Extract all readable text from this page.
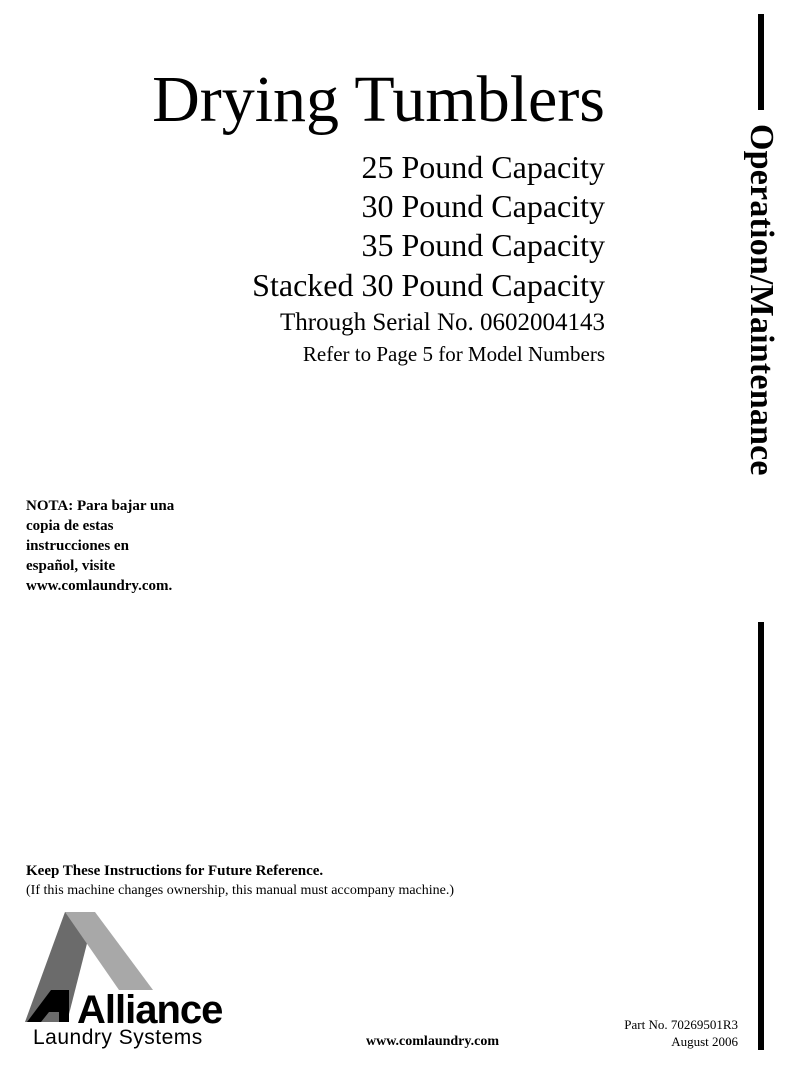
Drying Tumblers
25 Pound Capacity
30 Pound Capacity
35 Pound Capacity
Stacked 30 Pound Capacity
Through Serial No. 0602004143
Refer to Page 5 for Model Numbers	Operation/Maintenance
NOTA: Para bajar una
copia de estas
instrucciones en
español, visite
www.comlaundry.com.
Keep These Instructions for Future Reference.
(If this machine changes ownership, this manual must accompany machine.)
Alliance
Laundry Systems	www.comlaundry.com
Part No. 70269501R3
August 2006
